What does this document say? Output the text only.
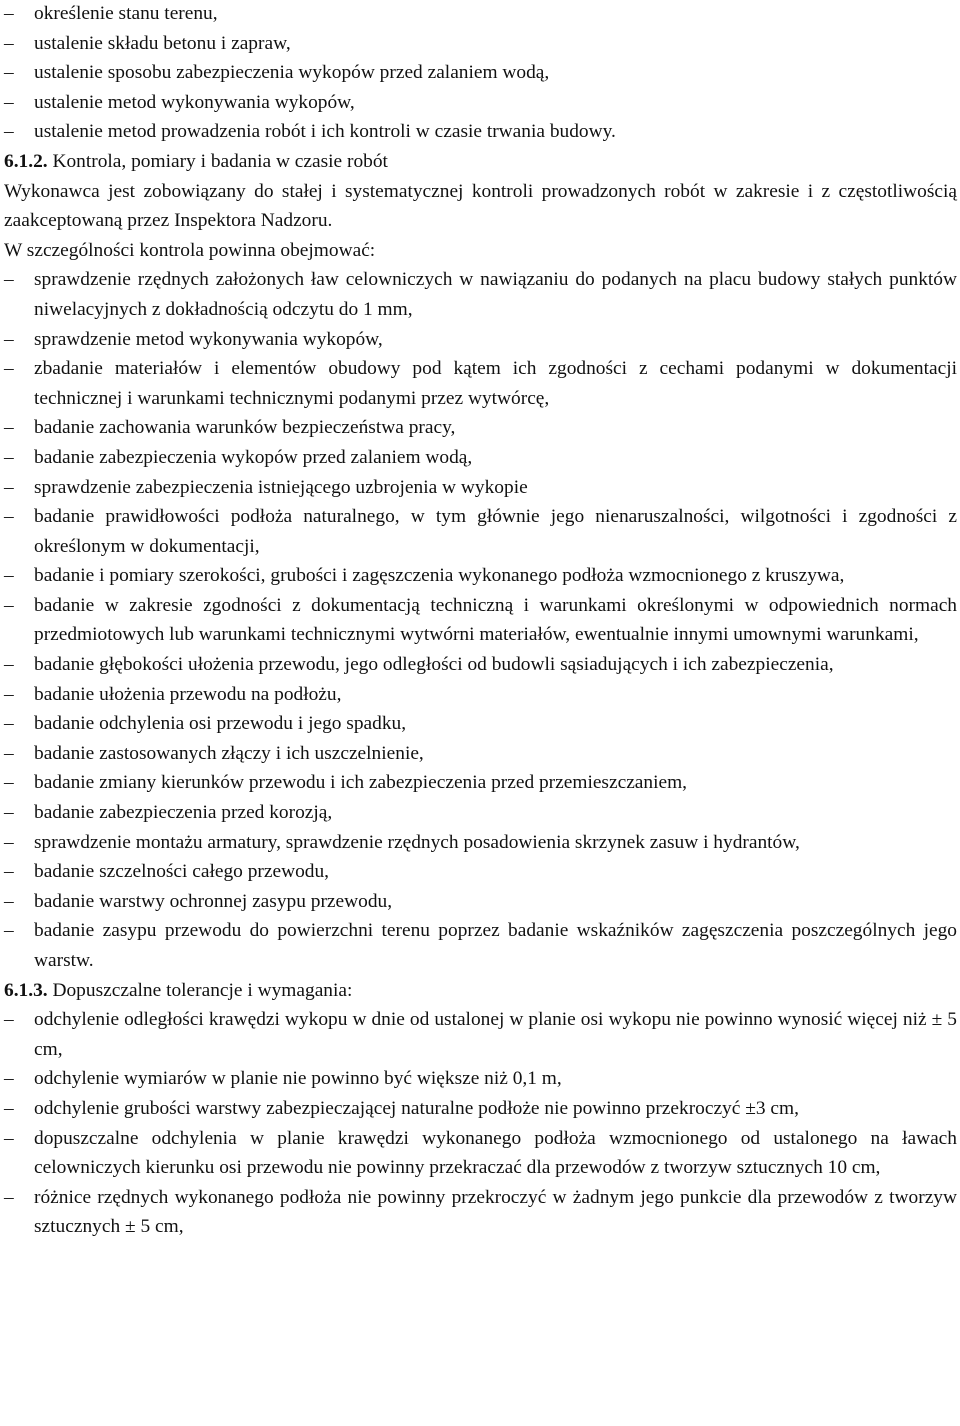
–	określenie stanu terenu,
–	ustalenie składu betonu i zapraw,
–	ustalenie sposobu zabezpieczenia wykopów przed zalaniem wodą,
–	ustalenie metod wykonywania wykopów,
–	ustalenie metod prowadzenia robót i ich kontroli w czasie trwania budowy.
6.1.2. Kontrola, pomiary i badania w czasie robót
Wykonawca jest zobowiązany do stałej i systematycznej kontroli prowadzonych robót w zakresie i z częstotliwością zaakceptowaną przez Inspektora Nadzoru.
W szczególności kontrola powinna obejmować:
–	sprawdzenie rzędnych założonych ław celowniczych w nawiązaniu do podanych na placu budowy stałych punktów niwelacyjnych z dokładnością odczytu do 1 mm,
–	sprawdzenie metod wykonywania wykopów,
–	zbadanie materiałów i elementów obudowy pod kątem ich zgodności z cechami podanymi w dokumentacji technicznej i warunkami technicznymi podanymi przez wytwórcę,
–	badanie zachowania warunków bezpieczeństwa pracy,
–	badanie zabezpieczenia wykopów przed zalaniem wodą,
–	sprawdzenie zabezpieczenia istniejącego uzbrojenia w wykopie
–	badanie prawidłowości podłoża naturalnego, w tym głównie jego nienaruszalności, wilgotności i zgodności z określonym w dokumentacji,
–	badanie i pomiary szerokości, grubości i zagęszczenia wykonanego podłoża wzmocnionego z kruszywa,
–	badanie w zakresie zgodności z dokumentacją techniczną i warunkami określonymi w odpowiednich normach przedmiotowych lub warunkami technicznymi wytwórni materiałów, ewentualnie innymi umownymi warunkami,
–	badanie głębokości ułożenia przewodu, jego odległości od budowli sąsiadujących i ich zabezpieczenia,
–	badanie ułożenia przewodu na podłożu,
–	badanie odchylenia osi przewodu i jego spadku,
–	badanie zastosowanych złączy i ich uszczelnienie,
–	badanie zmiany kierunków przewodu i ich zabezpieczenia przed przemieszczaniem,
–	badanie zabezpieczenia przed korozją,
–	sprawdzenie montażu armatury, sprawdzenie rzędnych posadowienia skrzynek zasuw i hydrantów,
–	badanie szczelności całego przewodu,
–	badanie warstwy ochronnej zasypu przewodu,
–	badanie zasypu przewodu do powierzchni terenu poprzez badanie wskaźników zagęszczenia poszczególnych jego warstw.
6.1.3. Dopuszczalne tolerancje i wymagania:
–	odchylenie odległości krawędzi wykopu w dnie od ustalonej w planie osi wykopu nie powinno wynosić więcej niż ± 5 cm,
–	odchylenie wymiarów w planie nie powinno być większe niż 0,1 m,
–	odchylenie grubości warstwy zabezpieczającej naturalne podłoże nie powinno przekroczyć ±3 cm,
–	dopuszczalne odchylenia w planie krawędzi wykonanego podłoża wzmocnionego od ustalonego na ławach celowniczych kierunku osi przewodu nie powinny przekraczać dla przewodów z tworzyw sztucznych 10 cm,
–	różnice rzędnych wykonanego podłoża nie powinny przekroczyć w żadnym jego punkcie dla przewodów z tworzyw sztucznych ± 5 cm,
